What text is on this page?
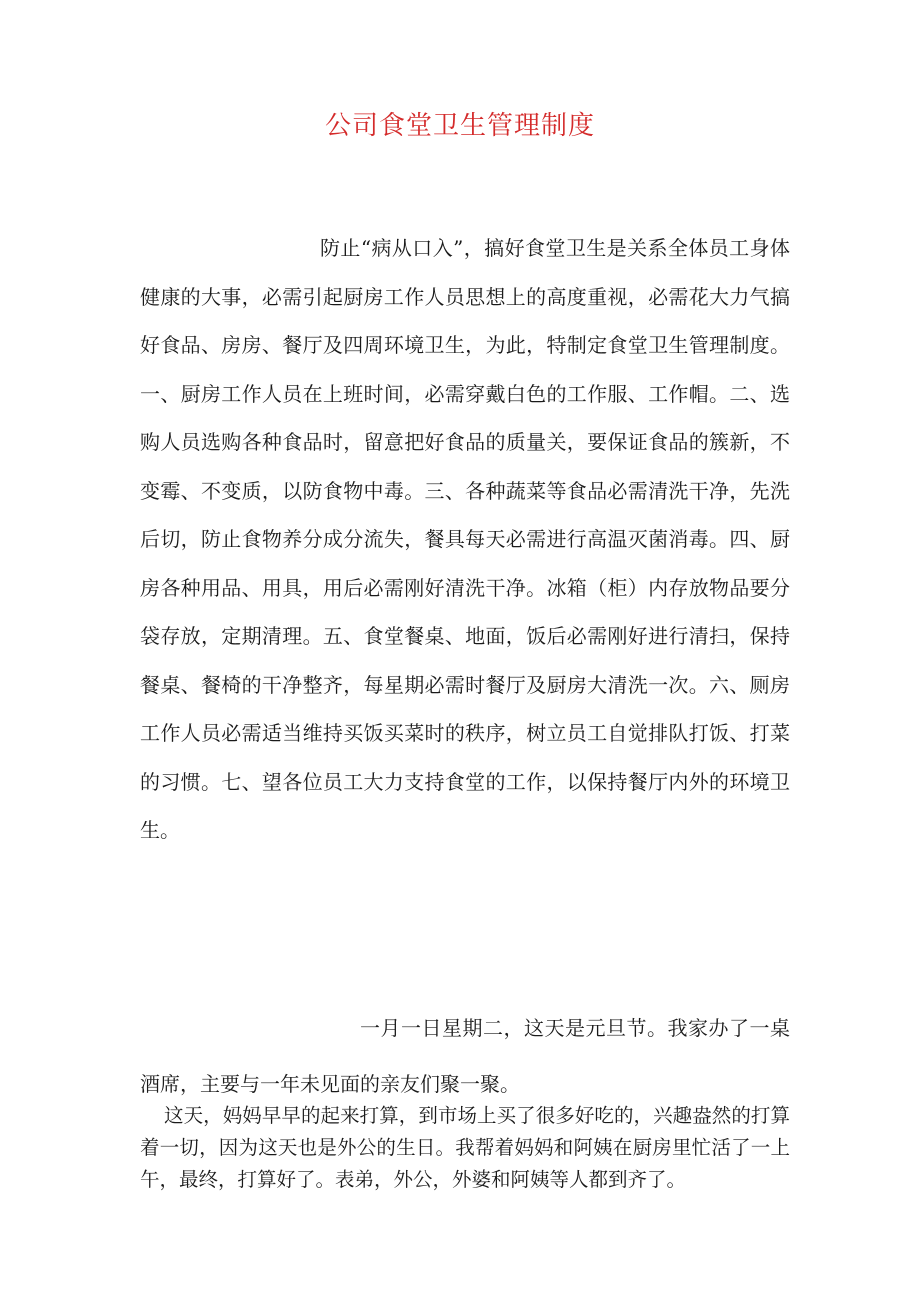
公司食堂卫生管理制度
防止“病从口入”，搞好食堂卫生是关系全体员工身体健康的大事，必需引起厨房工作人员思想上的高度重视，必需花大力气搞好食品、房房、餐厅及四周环境卫生，为此，特制定食堂卫生管理制度。一、厨房工作人员在上班时间，必需穿戴白色的工作服、工作帽。二、选购人员选购各种食品时，留意把好食品的质量关，要保证食品的簇新，不变霉、不变质，以防食物中毒。三、各种蔬菜等食品必需清洗干净，先洗后切，防止食物养分成分流失，餐具每天必需进行高温灭菌消毒。四、厨房各种用品、用具，用后必需刚好清洗干净。冰箱（柜）内存放物品要分袋存放，定期清理。五、食堂餐桌、地面，饭后必需刚好进行清扫，保持餐桌、餐椅的干净整齐，每星期必需时餐厅及厨房大清洗一次。六、厕房工作人员必需适当维持买饭买菜时的秩序，树立员工自觉排队打饭、打菜的习惯。七、望各位员工大力支持食堂的工作，以保持餐厅内外的环境卫生。
一月一日星期二，这天是元旦节。我家办了一桌酒席，主要与一年未见面的亲友们聚一聚。
这天，妈妈早早的起来打算，到市场上买了很多好吃的，兴趣盎然的打算着一切，因为这天也是外公的生日。我帮着妈妈和阿姨在厨房里忙活了一上午，最终，打算好了。表弟，外公，外婆和阿姨等人都到齐了。
